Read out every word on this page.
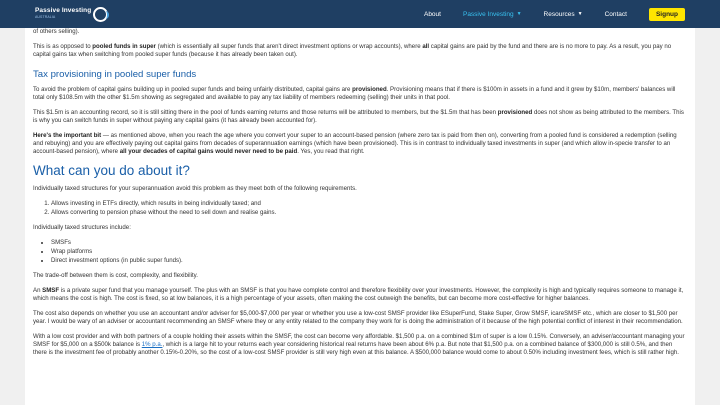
Passive Investing
AUSTRALIA	About	Passive Investing ▼	Resources ▼	Contact	Signup

of others selling).

This is as opposed to pooled funds in super (which is essentially all super funds that aren't direct investment options or wrap accounts), where all capital gains are paid by the fund and there are is no more to pay. As a result, you pay no capital gains tax when switching from pooled super funds (because it has already been taken out).

Tax provisioning in pooled super funds

To avoid the problem of capital gains building up in pooled super funds and being unfairly distributed, capital gains are provisioned. Provisioning means that if there is $100m in assets in a fund and it grew by $10m, members' balances will total only $108.5m with the other $1.5m showing as segregated and available to pay any tax liability of members redeeming (selling) their units in that pool.

This $1.5m is an accounting record, so it is still sitting there in the pool of funds earning returns and those returns will be attributed to members, but the $1.5m that has been provisioned does not show as being attributed to the members. This is why you can switch funds in super without paying any capital gains (it has already been accounted for).

Here's the important bit — as mentioned above, when you reach the age where you convert your super to an account-based pension (where zero tax is paid from then on), converting from a pooled fund is considered a redemption (selling and rebuying) and you are effectively paying out capital gains from decades of superannuation earnings (which have been provisioned). This is in contrast to individually taxed investments in super (and which allow in-specie transfer to an account-based pension), where all your decades of capital gains would never need to be paid. Yes, you read that right.

What can you do about it?

Individually taxed structures for your superannuation avoid this problem as they meet both of the following requirements.

1. Allows investing in ETFs directly, which results in being individually taxed; and
2. Allows converting to pension phase without the need to sell down and realise gains.

Individually taxed structures include:

• SMSFs
• Wrap platforms
• Direct investment options (in public super funds).

The trade-off between them is cost, complexity, and flexibility.

An SMSF is a private super fund that you manage yourself. The plus with an SMSF is that you have complete control and therefore flexibility over your investments. However, the complexity is high and typically requires someone to manage it, which means the cost is high. The cost is fixed, so at low balances, it is a high percentage of your assets, often making the cost outweigh the benefits, but can become more cost-effective for higher balances.

The cost also depends on whether you use an accountant and/or adviser for $5,000-$7,000 per year or whether you use a low-cost SMSF provider like ESuperFund, Stake Super, Grow SMSF, icareSMSF etc., which are closer to $1,500 per year. I would be wary of an adviser or accountant recommending an SMSF where they or any entity related to the company they work for is doing the administration of it because of the high potential conflict of interest in their recommendation.

With a low cost provider and with both partners of a couple holding their assets within the SMSF, the cost can become very affordable. $1,500 p.a. on a combined $1m of super is a low 0.15%. Conversely, an adviser/accountant managing your SMSF for $5,000 on a $500k balance is 1% p.a., which is a large hit to your returns each year considering historical real returns have been about 6% p.a. But note that $1,500 p.a. on a combined balance of $300,000 is still 0.5%, and then there is the investment fee of probably another 0.15%-0.20%, so the cost of a low-cost SMSF provider is still very high even at this balance. A $500,000 balance would come to about 0.50% including investment fees, which is still rather high.
